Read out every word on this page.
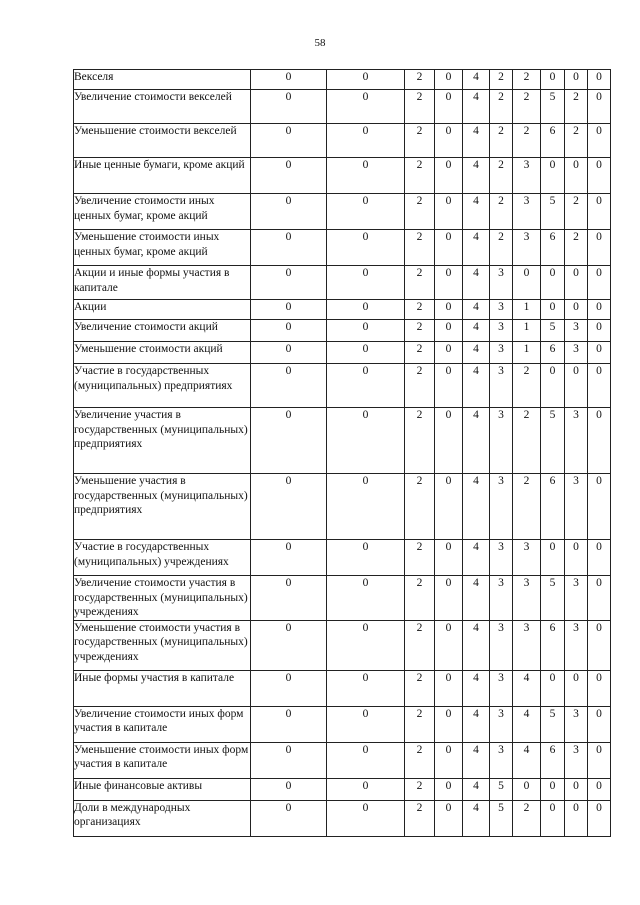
58
Векселя	0	0	2	0	4	2	2	0	0	0
Увеличение стоимости векселей	0	0	2	0	4	2	2	5	2	0
Уменьшение стоимости векселей	0	0	2	0	4	2	2	6	2	0
Иные ценные бумаги, кроме акций	0	0	2	0	4	2	3	0	0	0
Увеличение стоимости иных ценных бумаг, кроме акций	0	0	2	0	4	2	3	5	2	0
Уменьшение стоимости иных ценных бумаг, кроме акций	0	0	2	0	4	2	3	6	2	0
Акции и иные формы участия в капитале	0	0	2	0	4	3	0	0	0	0
Акции	0	0	2	0	4	3	1	0	0	0
Увеличение стоимости акций	0	0	2	0	4	3	1	5	3	0
Уменьшение стоимости акций	0	0	2	0	4	3	1	6	3	0
Участие в государственных (муниципальных) предприятиях	0	0	2	0	4	3	2	0	0	0
Увеличение участия в государственных (муниципальных) предприятиях	0	0	2	0	4	3	2	5	3	0
Уменьшение участия в государственных (муниципальных) предприятиях	0	0	2	0	4	3	2	6	3	0
Участие в государственных (муниципальных) учреждениях	0	0	2	0	4	3	3	0	0	0
Увеличение стоимости участия в государственных (муниципальных) учреждениях	0	0	2	0	4	3	3	5	3	0
Уменьшение стоимости участия в государственных (муниципальных) учреждениях	0	0	2	0	4	3	3	6	3	0
Иные формы участия в капитале	0	0	2	0	4	3	4	0	0	0
Увеличение стоимости иных форм участия в капитале	0	0	2	0	4	3	4	5	3	0
Уменьшение стоимости иных форм участия в капитале	0	0	2	0	4	3	4	6	3	0
Иные финансовые активы	0	0	2	0	4	5	0	0	0	0
Доли в международных организациях	0	0	2	0	4	5	2	0	0	0
